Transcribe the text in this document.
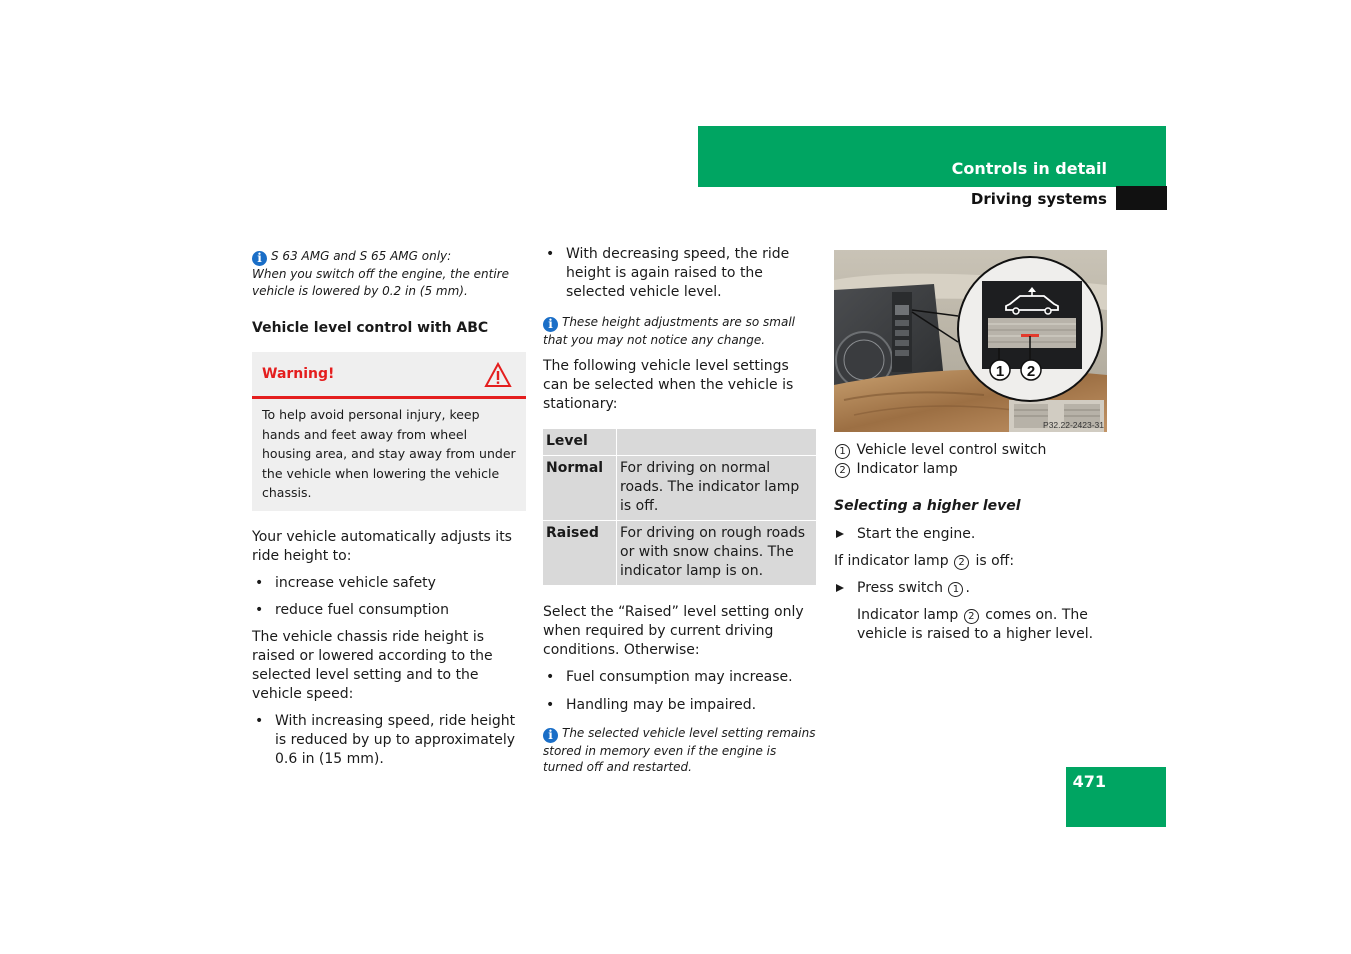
Controls in detail
Driving systems

i S 63 AMG and S 65 AMG only:
When you switch off the engine, the entire vehicle is lowered by 0.2 in (5 mm).

Vehicle level control with ABC

Warning!
To help avoid personal injury, keep hands and feet away from wheel housing area, and stay away from under the vehicle when lowering the vehicle chassis.

Your vehicle automatically adjusts its ride height to:

• increase vehicle safety
• reduce fuel consumption

The vehicle chassis ride height is raised or lowered according to the selected level setting and to the vehicle speed:

• With increasing speed, ride height is reduced by up to approximately 0.6 in (15 mm).
• With decreasing speed, the ride height is again raised to the selected vehicle level.

i These height adjustments are so small that you may not notice any change.

The following vehicle level settings can be selected when the vehicle is stationary:

Level	
Normal	For driving on normal roads. The indicator lamp is off.
Raised	For driving on rough roads or with snow chains. The indicator lamp is on.

Select the “Raised” level setting only when required by current driving conditions. Otherwise:

• Fuel consumption may increase.
• Handling may be impaired.

i The selected vehicle level setting remains stored in memory even if the engine is turned off and restarted.

1 2
P32.22-2423-31
1 Vehicle level control switch
2 Indicator lamp

Selecting a higher level

Start the engine.

If indicator lamp 2 is off:

Press switch 1 .

Indicator lamp 2 comes on. The vehicle is raised to a higher level.

471
